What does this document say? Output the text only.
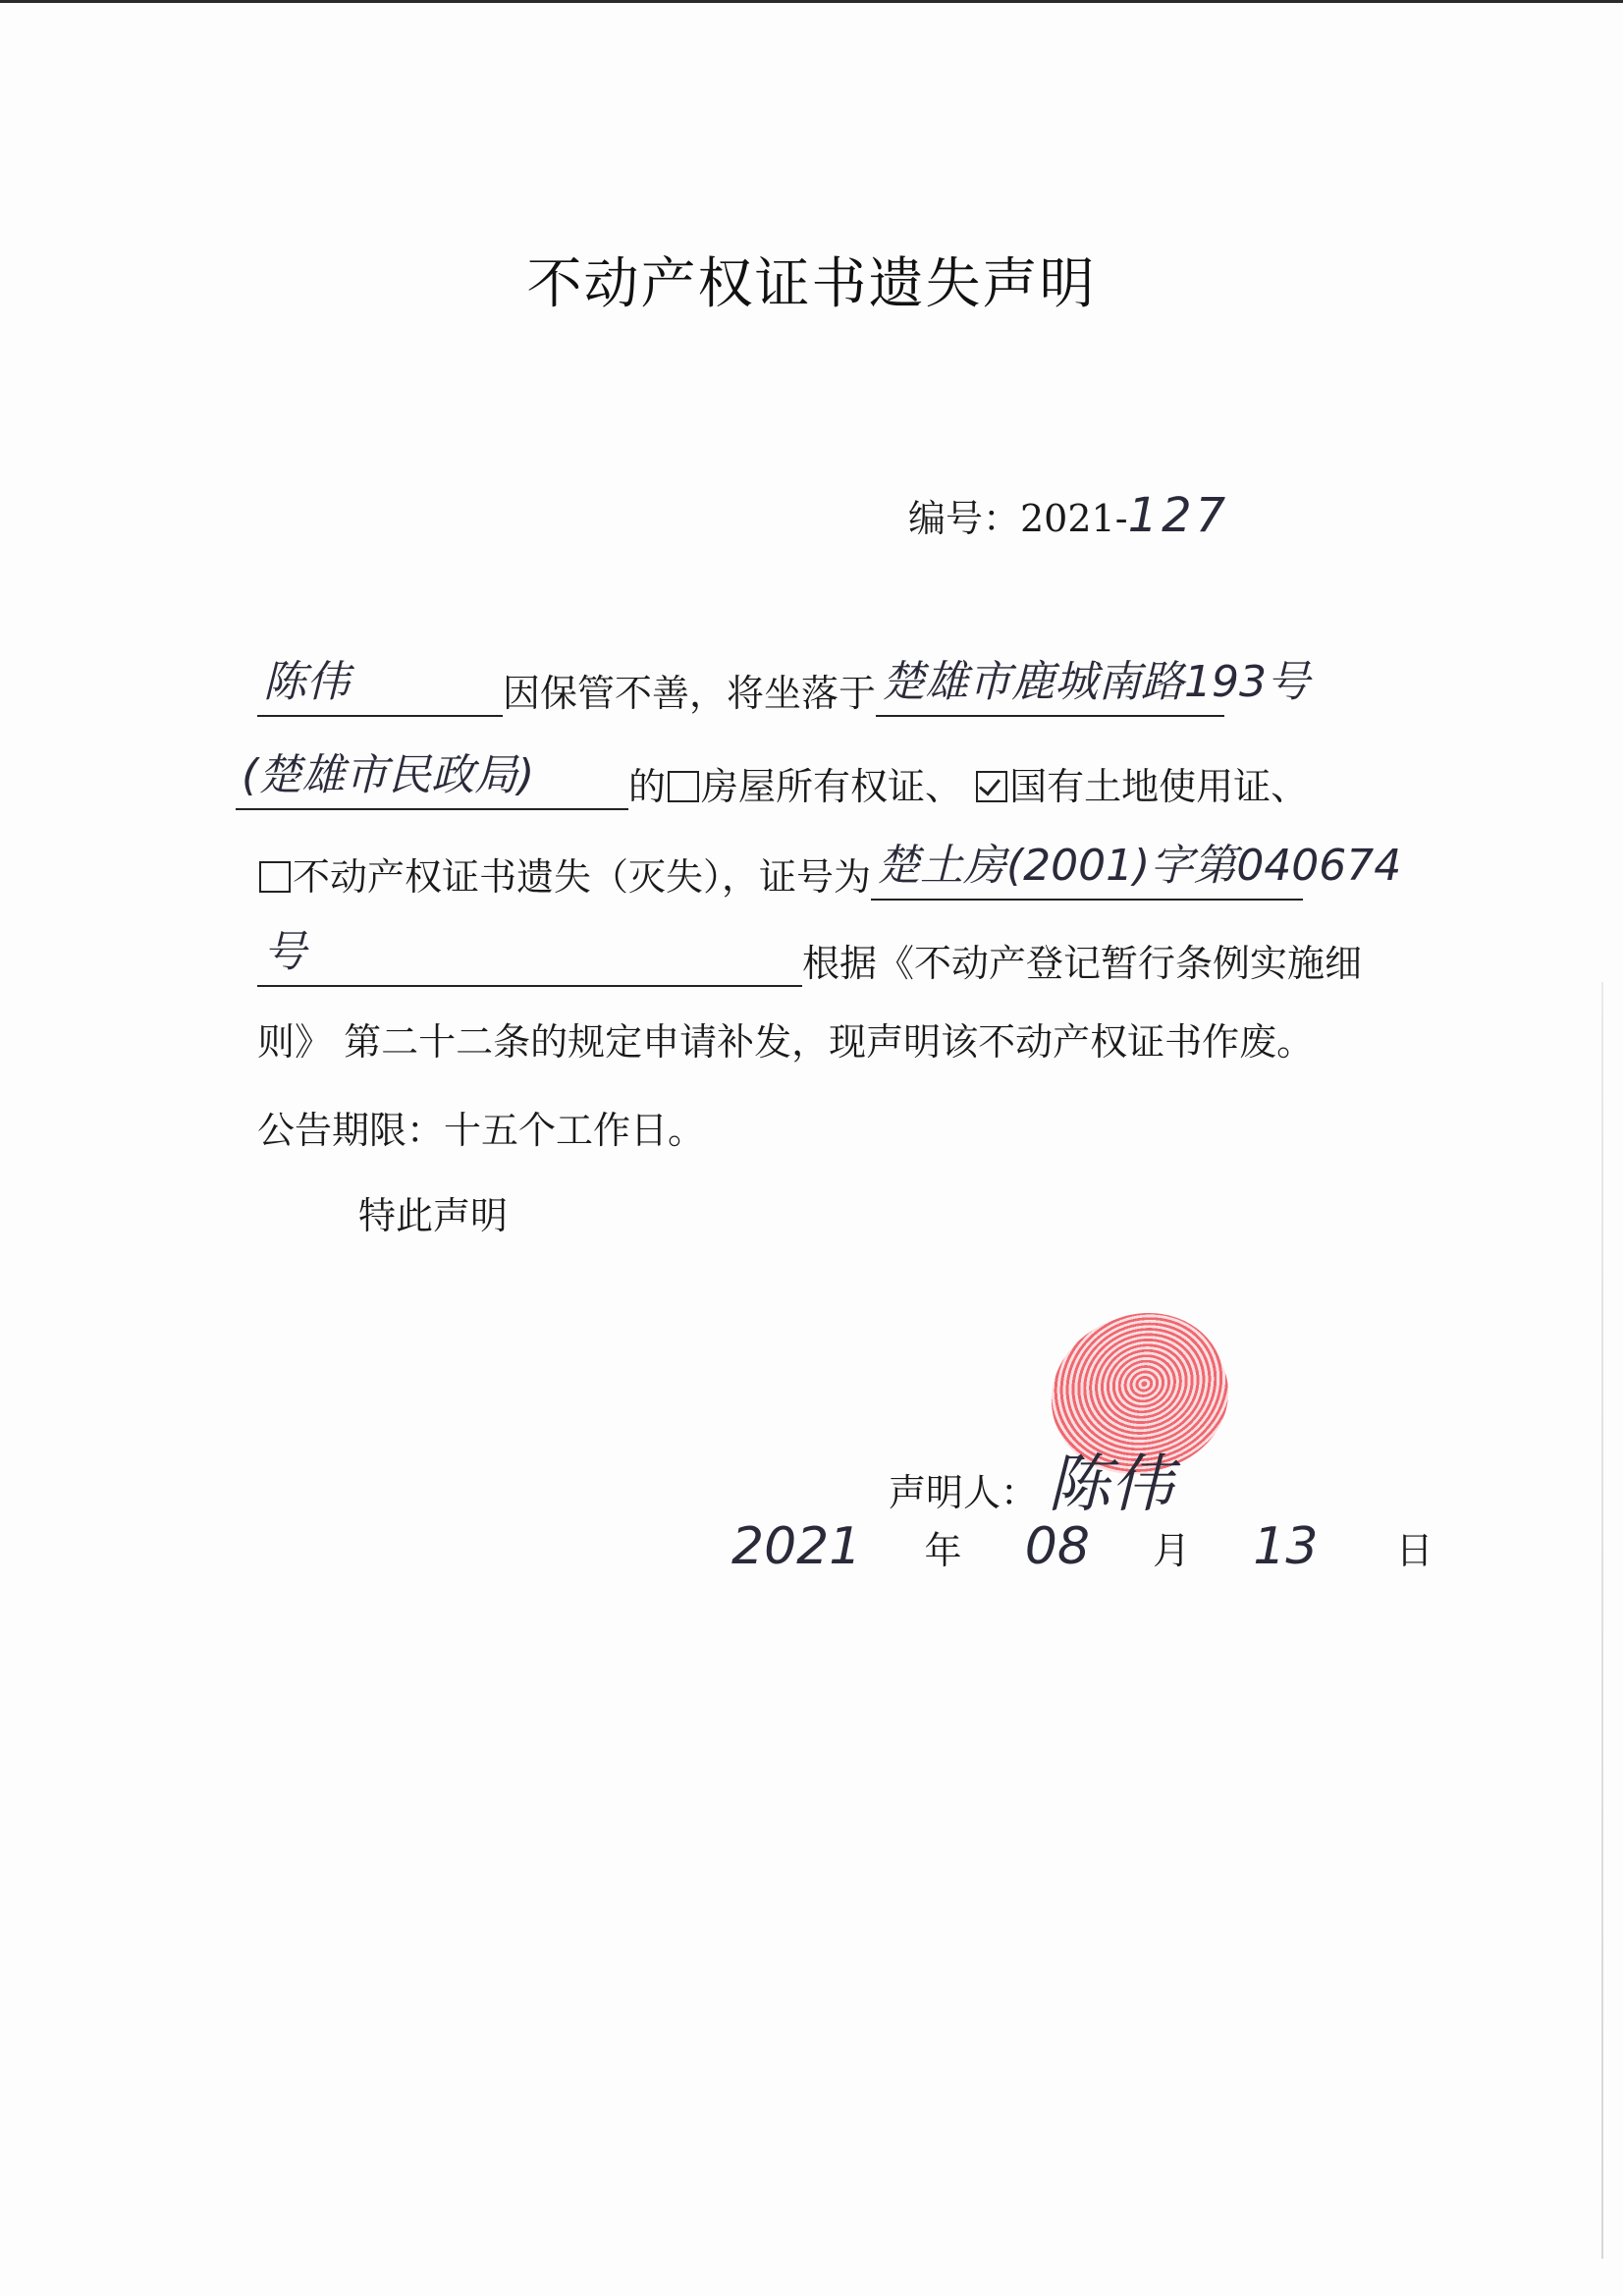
不动产权证书遗失声明
编号：2021-127
陈伟	因保管不善，将坐落于 楚雄市鹿城南路193号
(楚雄市民政局)	的 房屋所有权证、 国有土地使用证、
不动产权证书遗失（灭失），证号为 楚土房(2001)字第040674
号	根据《不动产登记暂行条例实施细
则》 第二十二条的规定申请补发，现声明该不动产权证书作废。
公告期限：十五个工作日。
特此声明
声明人： 陈伟
2021 年 08 月 13 日
